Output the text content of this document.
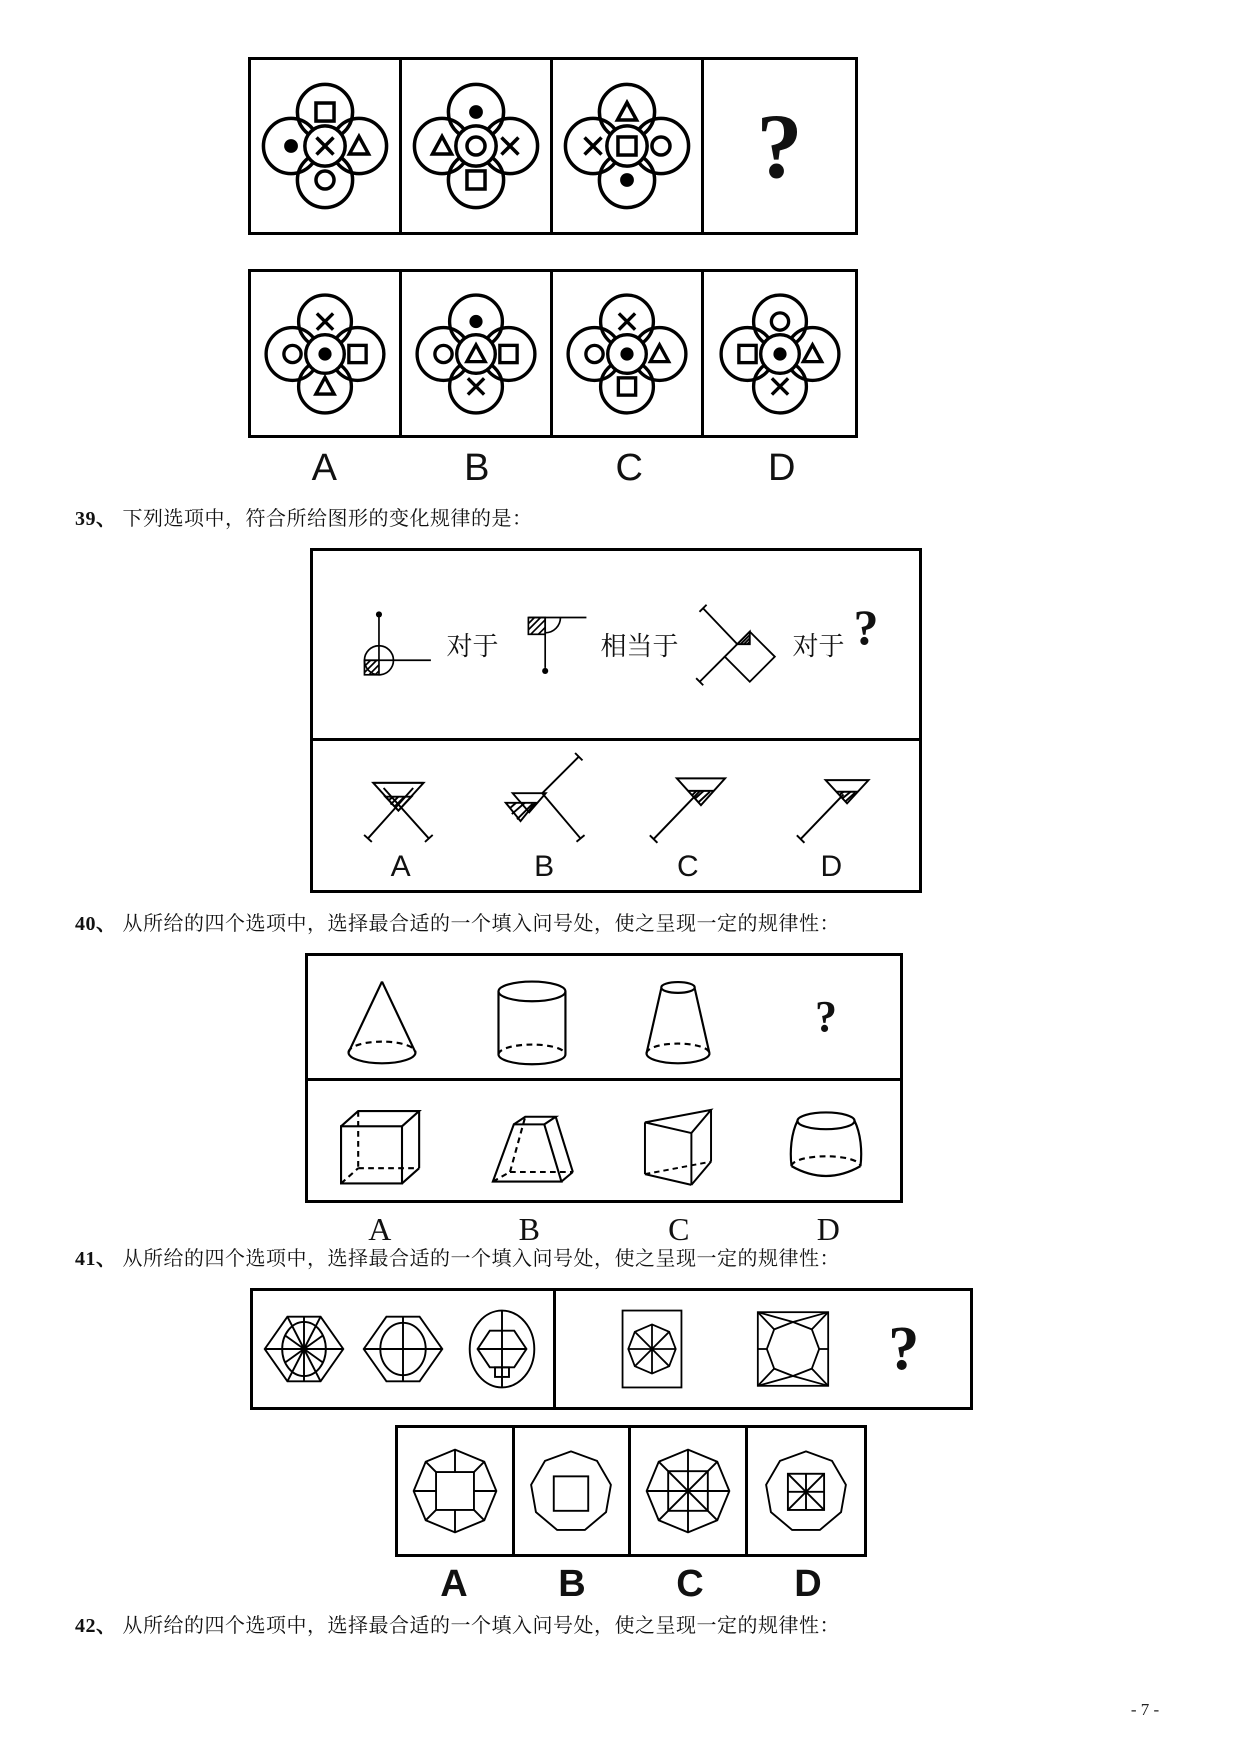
?
A	B	C	D

39、 下列选项中，符合所给图形的变化规律的是：

对于	相当于	对于 ?
A	B	C	D

40、 从所给的四个选项中，选择最合适的一个填入问号处，使之呈现一定的规律性：

?
A	B	C	D

41、 从所给的四个选项中，选择最合适的一个填入问号处，使之呈现一定的规律性：

?
A	B	C	D

42、 从所给的四个选项中，选择最合适的一个填入问号处，使之呈现一定的规律性：

- 7 -
